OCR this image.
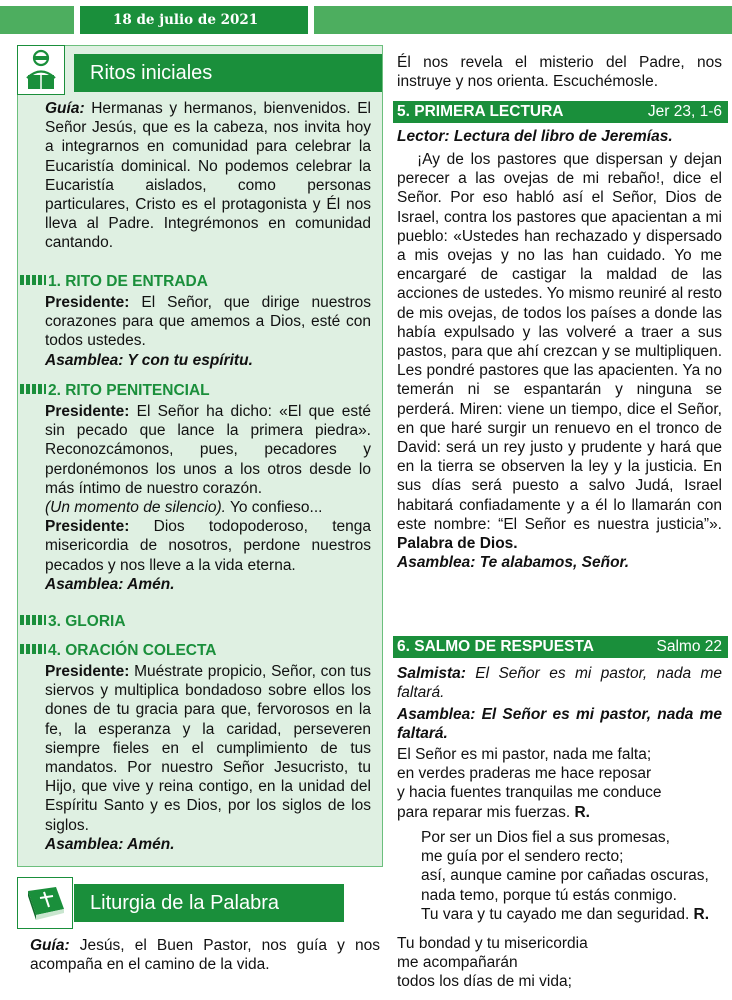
18 de julio de 2021
Ritos iniciales
Guía: Hermanas y hermanos, bienvenidos. El Señor Jesús, que es la cabeza, nos invita hoy a integrarnos en comunidad para celebrar la Eucaristía dominical. No podemos celebrar la Eucaristía aislados, como personas particulares, Cristo es el protagonista y Él nos lleva al Padre. Integrémonos en comunidad cantando.
1. RITO DE ENTRADA
Presidente: El Señor, que dirige nuestros corazones para que amemos a Dios, esté con todos ustedes.
Asamblea: Y con tu espíritu.
2. RITO PENITENCIAL
Presidente: El Señor ha dicho: «El que esté sin pecado que lance la primera piedra». Reconozcámonos, pues, pecadores y perdonémonos los unos a los otros desde lo más íntimo de nuestro corazón.
(Un momento de silencio). Yo confieso...
Presidente: Dios todopoderoso, tenga misericordia de nosotros, perdone nuestros pecados y nos lleve a la vida eterna.
Asamblea: Amén.
3. GLORIA
4. ORACIÓN COLECTA
Presidente: Muéstrate propicio, Señor, con tus siervos y multiplica bondadoso sobre ellos los dones de tu gracia para que, fervorosos en la fe, la esperanza y la caridad, perseveren siempre fieles en el cumplimiento de tus mandatos. Por nuestro Señor Jesucristo, tu Hijo, que vive y reina contigo, en la unidad del Espíritu Santo y es Dios, por los siglos de los siglos.
Asamblea: Amén.
Liturgia de la Palabra
Guía: Jesús, el Buen Pastor, nos guía y nos acompaña en el camino de la vida.
Él nos revela el misterio del Padre, nos instruye y nos orienta. Escuchémosle.
5. PRIMERA LECTURA	Jer 23, 1-6
Lector: Lectura del libro de Jeremías.
¡Ay de los pastores que dispersan y dejan perecer a las ovejas de mi rebaño!, dice el Señor. Por eso habló así el Señor, Dios de Israel, contra los pastores que apacientan a mi pueblo: «Ustedes han rechazado y dispersado a mis ovejas y no las han cuidado. Yo me encargaré de castigar la maldad de las acciones de ustedes. Yo mismo reuniré al resto de mis ovejas, de todos los países a donde las había expulsado y las volveré a traer a sus pastos, para que ahí crezcan y se multipliquen. Les pondré pastores que las apacienten. Ya no temerán ni se espantarán y ninguna se perderá. Miren: viene un tiempo, dice el Señor, en que haré surgir un renuevo en el tronco de David: será un rey justo y prudente y hará que en la tierra se observen la ley y la justicia. En sus días será puesto a salvo Judá, Israel habitará confiadamente y a él lo llamarán con este nombre: “El Señor es nuestra justicia”». Palabra de Dios.
Asamblea: Te alabamos, Señor.
6. SALMO DE RESPUESTA	Salmo 22
Salmista: El Señor es mi pastor, nada me faltará.
Asamblea: El Señor es mi pastor, nada me faltará.
El Señor es mi pastor, nada me falta;
en verdes praderas me hace reposar
y hacia fuentes tranquilas me conduce
para reparar mis fuerzas. R.
Por ser un Dios fiel a sus promesas,
me guía por el sendero recto;
así, aunque camine por cañadas oscuras,
nada temo, porque tú estás conmigo.
Tu vara y tu cayado me dan seguridad. R.
Tu bondad y tu misericordia
me acompañarán
todos los días de mi vida;
